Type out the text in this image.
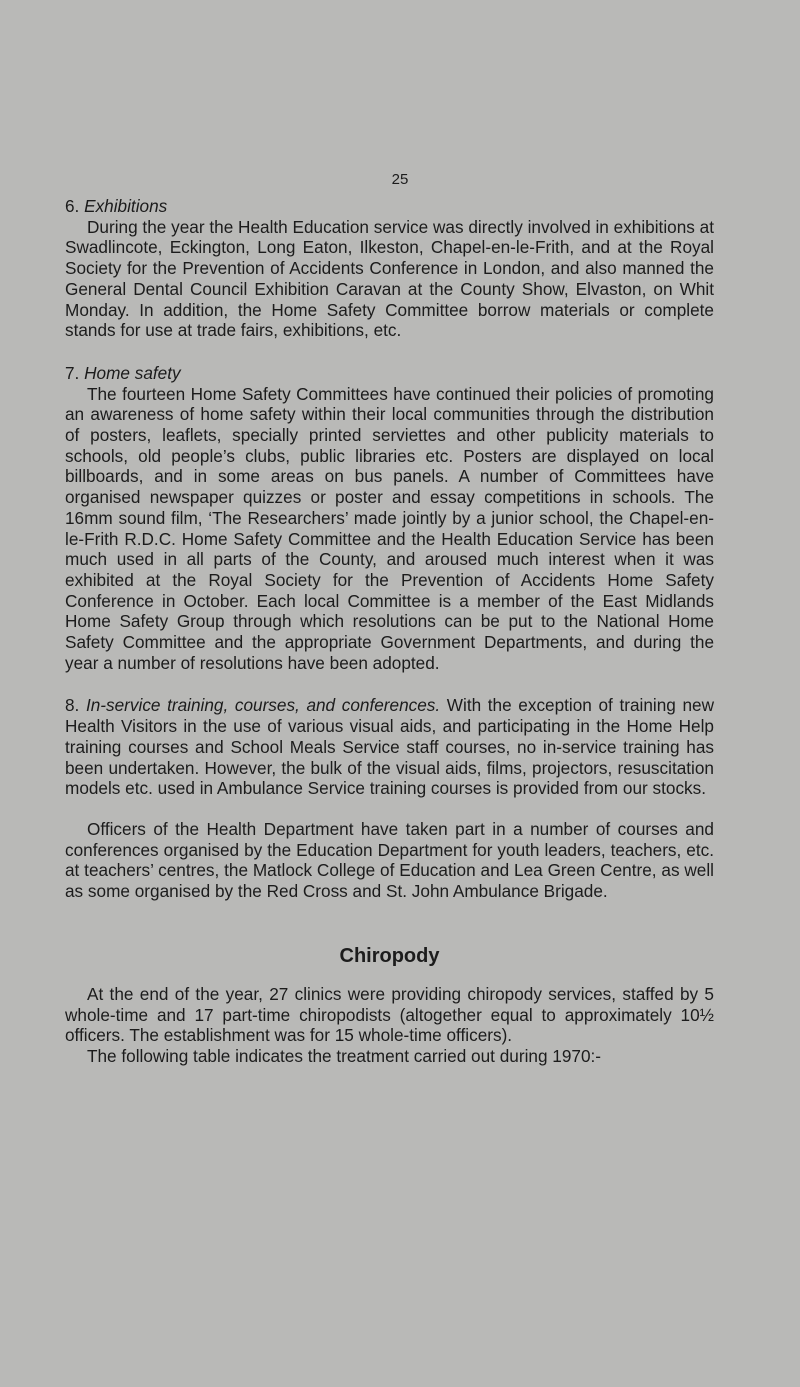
25

6. Exhibitions

During the year the Health Education service was directly involved in exhibitions at Swadlincote, Eckington, Long Eaton, Ilkeston, Chapel-en-le-Frith, and at the Royal Society for the Prevention of Accidents Conference in London, and also manned the General Dental Council Exhibition Caravan at the County Show, Elvaston, on Whit Monday. In addition, the Home Safety Committee borrow materials or complete stands for use at trade fairs, exhibitions, etc.

7. Home safety

The fourteen Home Safety Committees have continued their policies of promoting an awareness of home safety within their local communities through the distribution of posters, leaflets, specially printed serviettes and other publicity materials to schools, old people’s clubs, public libraries etc. Posters are displayed on local billboards, and in some areas on bus panels. A number of Committees have organised newspaper quizzes or poster and essay competitions in schools. The 16mm sound film, ‘The Researchers’ made jointly by a junior school, the Chapel-en-le-Frith R.D.C. Home Safety Committee and the Health Education Service has been much used in all parts of the County, and aroused much interest when it was exhibited at the Royal Society for the Prevention of Accidents Home Safety Conference in October. Each local Committee is a member of the East Midlands Home Safety Group through which resolutions can be put to the National Home Safety Committee and the appropriate Government Departments, and during the year a number of resolutions have been adopted.

8. In-service training, courses, and conferences. With the exception of training new Health Visitors in the use of various visual aids, and participating in the Home Help training courses and School Meals Service staff courses, no in-service training has been undertaken. However, the bulk of the visual aids, films, projectors, resuscitation models etc. used in Ambulance Service training courses is provided from our stocks.

Officers of the Health Department have taken part in a number of courses and conferences organised by the Education Department for youth leaders, teachers, etc. at teachers’ centres, the Matlock College of Education and Lea Green Centre, as well as some organised by the Red Cross and St. John Ambulance Brigade.

Chiropody

At the end of the year, 27 clinics were providing chiropody services, staffed by 5 whole-time and 17 part-time chiropodists (altogether equal to approximately 10½ officers. The establishment was for 15 whole-time officers).

The following table indicates the treatment carried out during 1970:-
